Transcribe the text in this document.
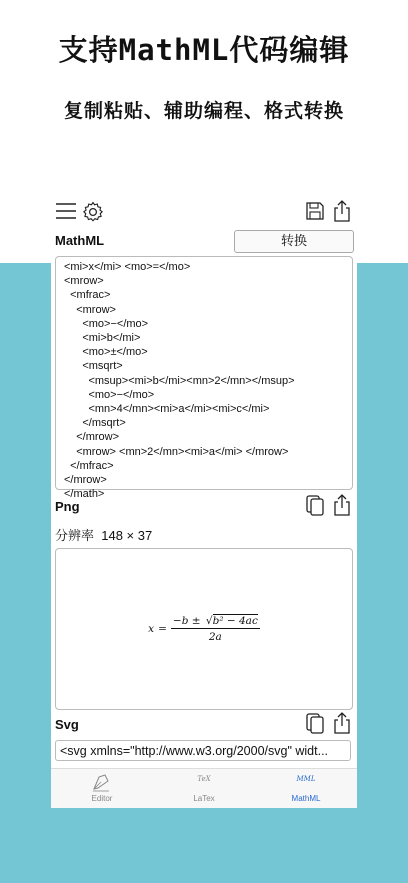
支持MathML代码编辑
复制粘贴、辅助编程、格式转换
MathML	转换
<mi>x</mi> <mo>=</mo>
<mrow>
<mfrac>
<mrow>
<mo>−</mo>
<mi>b</mi>
<mo>±</mo>
<msqrt>
<msup><mi>b</mi><mn>2</mn></msup>
<mo>−</mo>
<mn>4</mn><mi>a</mi><mi>c</mi>
</msqrt>
</mrow>
<mrow> <mn>2</mn><mi>a</mi> </mrow>
</mfrac>
</mrow>
</math>
Png
分辨率 148 × 37
$x = \frac{\text{−b ± √b² − 4ac}}{2a}$
Svg
<svg xmlns="http://www.w3.org/2000/svg" widt...
Editor
TeX
LaTex
MML
MathML
